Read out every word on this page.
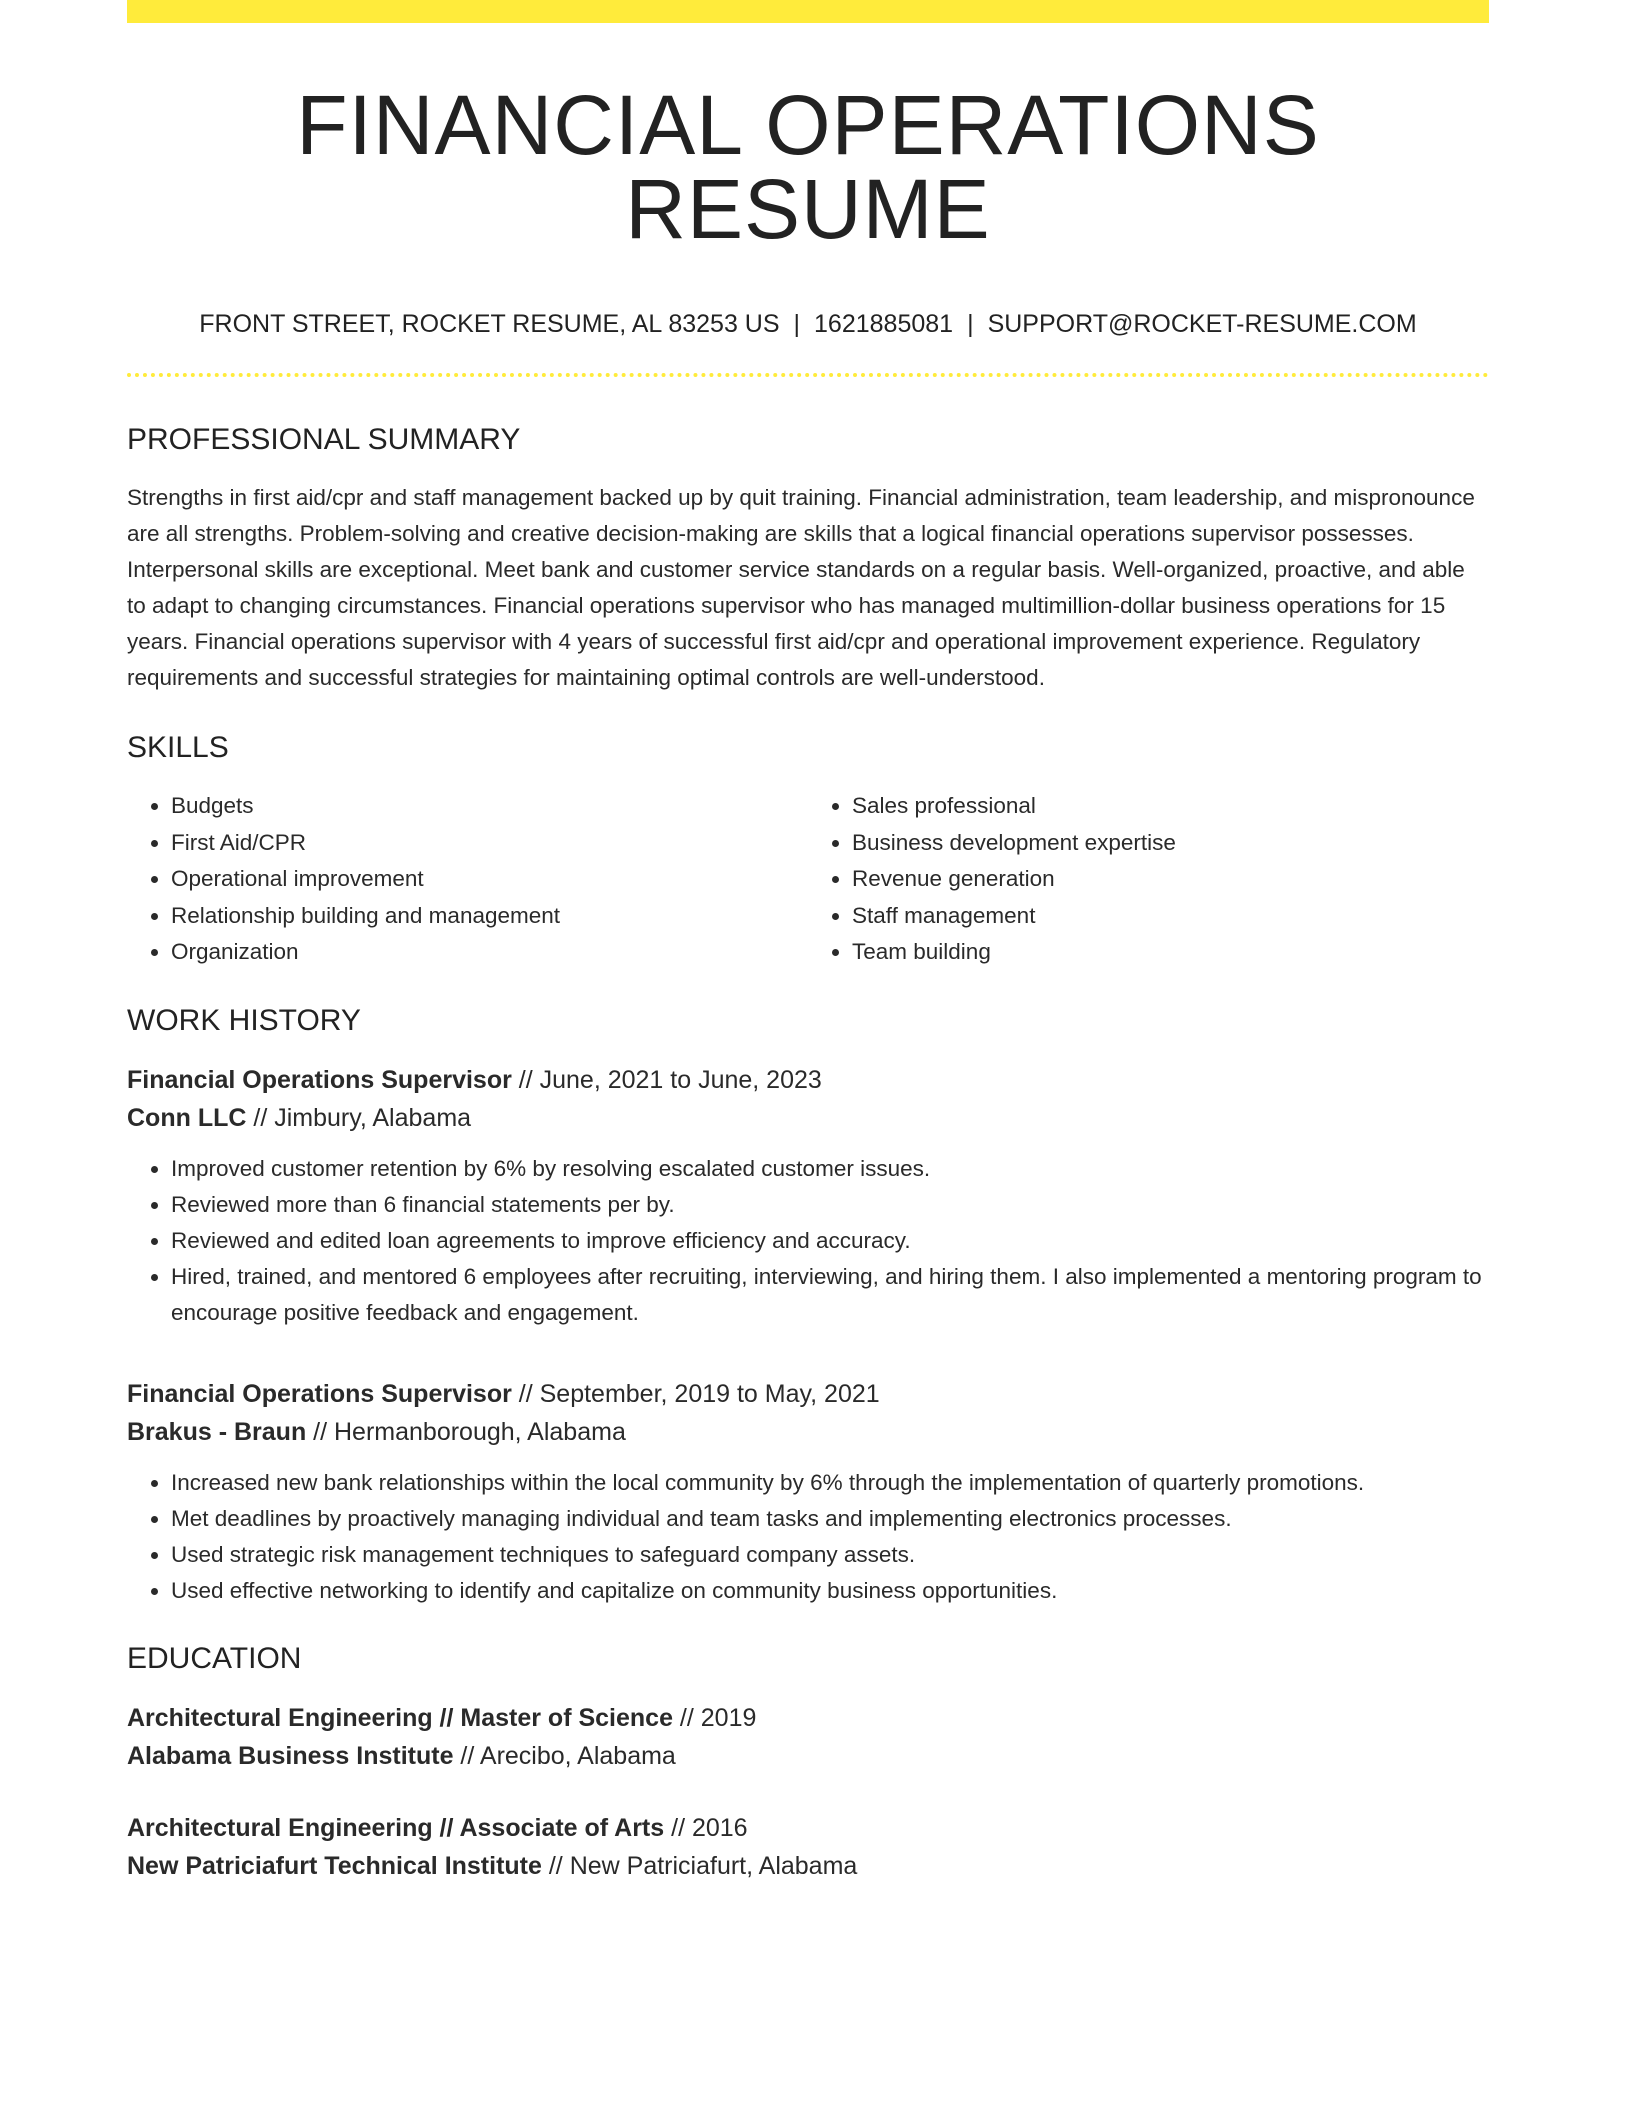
FINANCIAL OPERATIONS RESUME
FRONT STREET, ROCKET RESUME, AL 83253 US | 1621885081 | SUPPORT@ROCKET-RESUME.COM
PROFESSIONAL SUMMARY

Strengths in first aid/cpr and staff management backed up by quit training. Financial administration, team leadership, and mispronounce are all strengths. Problem-solving and creative decision-making are skills that a logical financial operations supervisor possesses. Interpersonal skills are exceptional. Meet bank and customer service standards on a regular basis. Well-organized, proactive, and able to adapt to changing circumstances. Financial operations supervisor who has managed multimillion-dollar business operations for 15 years. Financial operations supervisor with 4 years of successful first aid/cpr and operational improvement experience. Regulatory requirements and successful strategies for maintaining optimal controls are well-understood.

SKILLS
• Budgets
• First Aid/CPR
• Operational improvement
• Relationship building and management
• Organization
• Sales professional
• Business development expertise
• Revenue generation
• Staff management
• Team building
WORK HISTORY
Financial Operations Supervisor // June, 2021 to June, 2023
Conn LLC // Jimbury, Alabama
• Improved customer retention by 6% by resolving escalated customer issues.
• Reviewed more than 6 financial statements per by.
• Reviewed and edited loan agreements to improve efficiency and accuracy.
• Hired, trained, and mentored 6 employees after recruiting, interviewing, and hiring them. I also implemented a mentoring program to encourage positive feedback and engagement.
Financial Operations Supervisor // September, 2019 to May, 2021
Brakus - Braun // Hermanborough, Alabama
• Increased new bank relationships within the local community by 6% through the implementation of quarterly promotions.
• Met deadlines by proactively managing individual and team tasks and implementing electronics processes.
• Used strategic risk management techniques to safeguard company assets.
• Used effective networking to identify and capitalize on community business opportunities.
EDUCATION
Architectural Engineering // Master of Science // 2019
Alabama Business Institute // Arecibo, Alabama
Architectural Engineering // Associate of Arts // 2016
New Patriciafurt Technical Institute // New Patriciafurt, Alabama
